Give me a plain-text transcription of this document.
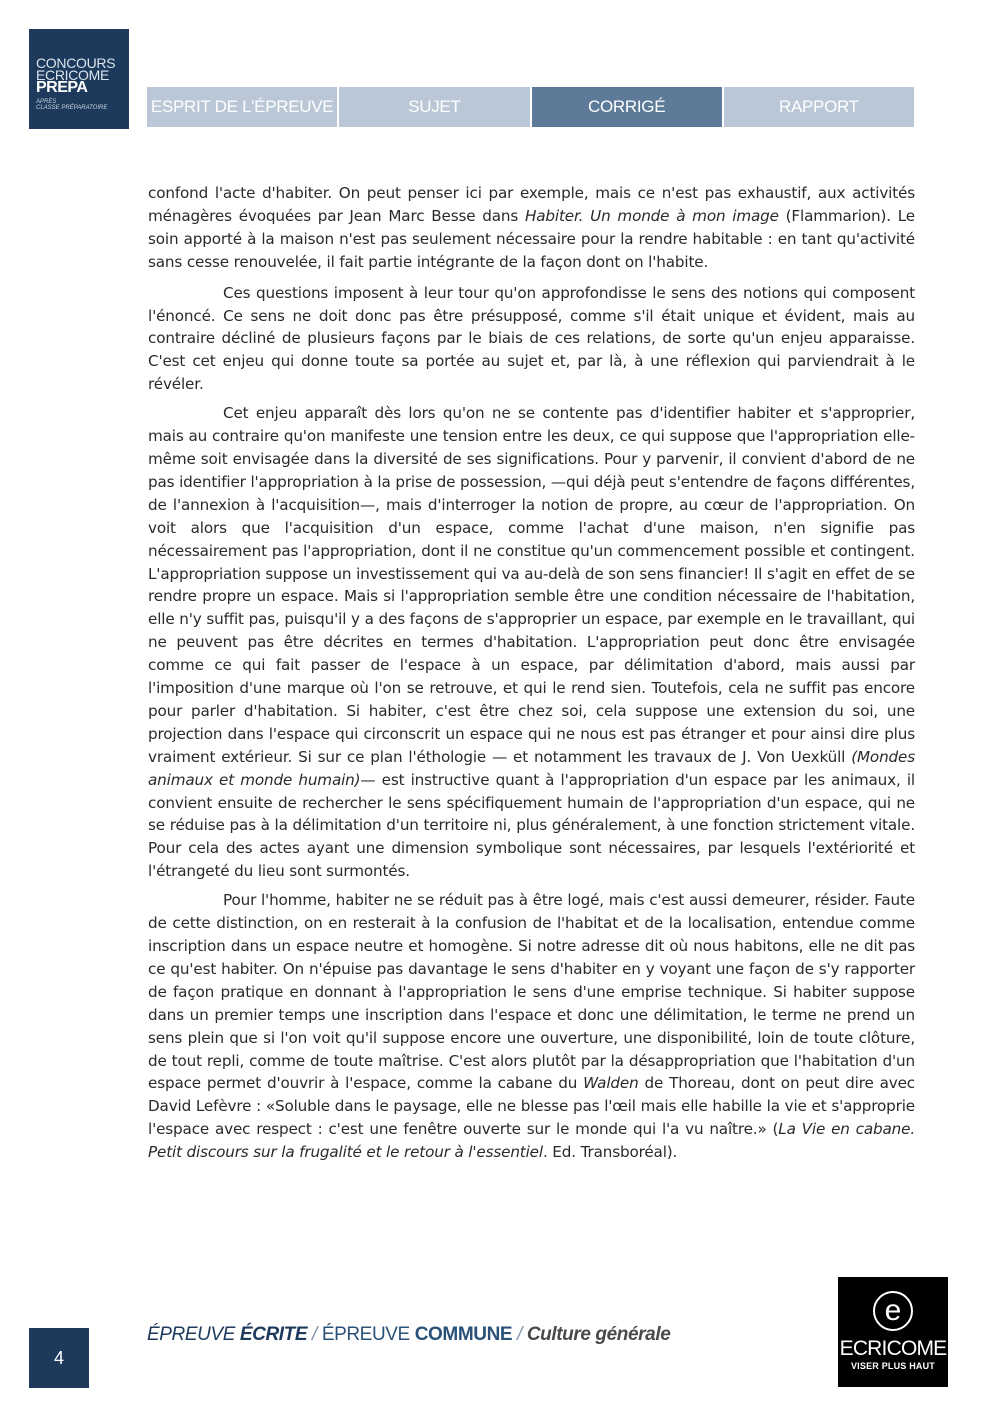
CONCOURS
ECRICOME
PREPA
APRÈS
CLASSE PRÉPARATOIRE	ESPRIT DE L'ÉPREUVE	SUJET	CORRIGÉ	RAPPORT

confond l'acte d'habiter. On peut penser ici par exemple, mais ce n'est pas exhaustif, aux activités ménagères évoquées par Jean Marc Besse dans Habiter. Un monde à mon image (Flammarion). Le soin apporté à la maison n'est pas seulement nécessaire pour la rendre habitable : en tant qu'activité sans cesse renouvelée, il fait partie intégrante de la façon dont on l'habite.

Ces questions imposent à leur tour qu'on approfondisse le sens des notions qui composent l'énoncé. Ce sens ne doit donc pas être présupposé, comme s'il était unique et évident, mais au contraire décliné de plusieurs façons par le biais de ces relations, de sorte qu'un enjeu apparaisse. C'est cet enjeu qui donne toute sa portée au sujet et, par là, à une réflexion qui parviendrait à le révéler.

Cet enjeu apparaît dès lors qu'on ne se contente pas d'identifier habiter et s'approprier, mais au contraire qu'on manifeste une tension entre les deux, ce qui suppose que l'appropriation elle-même soit envisagée dans la diversité de ses significations. Pour y parvenir, il convient d'abord de ne pas identifier l'appropriation à la prise de possession, —qui déjà peut s'entendre de façons différentes, de l'annexion à l'acquisition—, mais d'interroger la notion de propre, au cœur de l'appropriation. On voit alors que l'acquisition d'un espace, comme l'achat d'une maison, n'en signifie pas nécessairement pas l'appropriation, dont il ne constitue qu'un commencement possible et contingent. L'appropriation suppose un investissement qui va au-delà de son sens financier! Il s'agit en effet de se rendre propre un espace. Mais si l'appropriation semble être une condition nécessaire de l'habitation, elle n'y suffit pas, puisqu'il y a des façons de s'approprier un espace, par exemple en le travaillant, qui ne peuvent pas être décrites en termes d'habitation. L'appropriation peut donc être envisagée comme ce qui fait passer de l'espace à un espace, par délimitation d'abord, mais aussi par l'imposition d'une marque où l'on se retrouve, et qui le rend sien. Toutefois, cela ne suffit pas encore pour parler d'habitation. Si habiter, c'est être chez soi, cela suppose une extension du soi, une projection dans l'espace qui circonscrit un espace qui ne nous est pas étranger et pour ainsi dire plus vraiment extérieur. Si sur ce plan l'éthologie — et notamment les travaux de J. Von Uexküll (Mondes animaux et monde humain)— est instructive quant à l'appropriation d'un espace par les animaux, il convient ensuite de rechercher le sens spécifiquement humain de l'appropriation d'un espace, qui ne se réduise pas à la délimitation d'un territoire ni, plus généralement, à une fonction strictement vitale. Pour cela des actes ayant une dimension symbolique sont nécessaires, par lesquels l'extériorité et l'étrangeté du lieu sont surmontés.

Pour l'homme, habiter ne se réduit pas à être logé, mais c'est aussi demeurer, résider. Faute de cette distinction, on en resterait à la confusion de l'habitat et de la localisation, entendue comme inscription dans un espace neutre et homogène. Si notre adresse dit où nous habitons, elle ne dit pas ce qu'est habiter. On n'épuise pas davantage le sens d'habiter en y voyant une façon de s'y rapporter de façon pratique en donnant à l'appropriation le sens d'une emprise technique. Si habiter suppose dans un premier temps une inscription dans l'espace et donc une délimitation, le terme ne prend un sens plein que si l'on voit qu'il suppose encore une ouverture, une disponibilité, loin de toute clôture, de tout repli, comme de toute maîtrise. C'est alors plutôt par la désappropriation que l'habitation d'un espace permet d'ouvrir à l'espace, comme la cabane du Walden de Thoreau, dont on peut dire avec David Lefèvre : «Soluble dans le paysage, elle ne blesse pas l'œil mais elle habille la vie et s'approprie l'espace avec respect : c'est une fenêtre ouverte sur le monde qui l'a vu naître.» (La Vie en cabane. Petit discours sur la frugalité et le retour à l'essentiel. Ed. Transboréal).

4
ÉPREUVE ÉCRITE / ÉPREUVE COMMUNE / Culture générale
e
ECRICOME
VISER PLUS HAUT
